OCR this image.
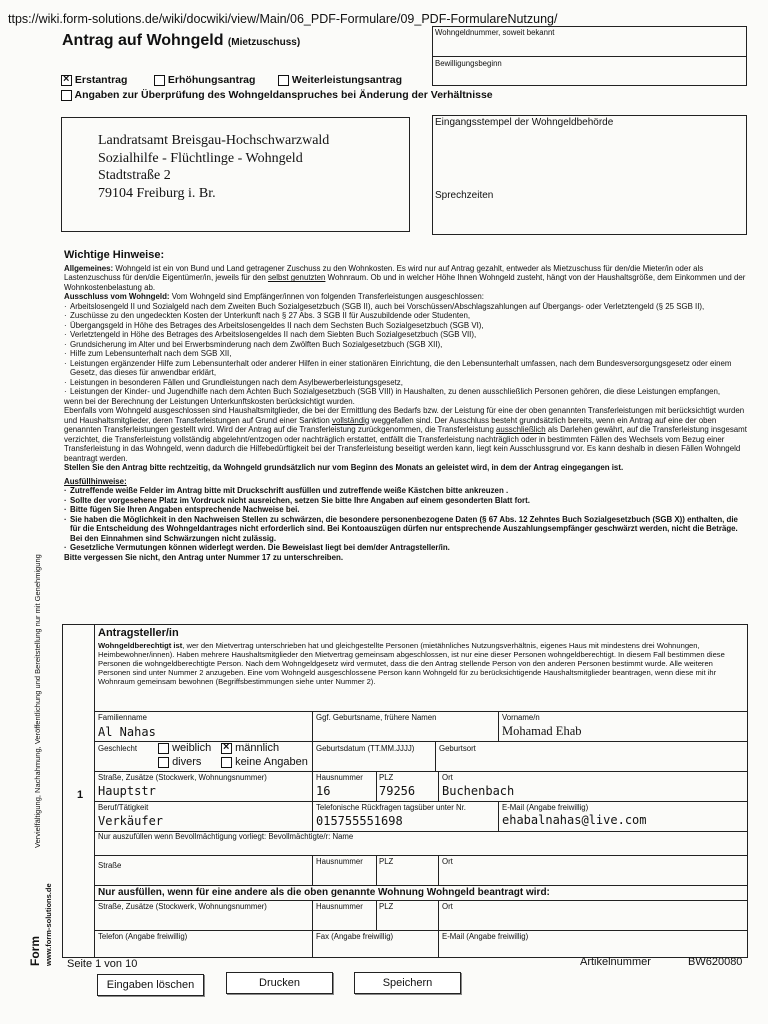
ttps://wiki.form-solutions.de/wiki/docwiki/view/Main/06_PDF-Formulare/09_PDF-FormulareNutzung/
Antrag auf Wohngeld (Mietzuschuss)
Wohngeldnummer, soweit bekannt
Bewilligungsbeginn
× Erstantrag	Erhöhungsantrag	Weiterleistungsantrag
Angaben zur Überprüfung des Wohngeldanspruches bei Änderung der Verhältnisse
Landratsamt Breisgau-Hochschwarzwald
Sozialhilfe - Flüchtlinge - Wohngeld
Stadtstraße 2
79104 Freiburg i. Br.
Eingangsstempel der Wohngeldbehörde
Sprechzeiten
Wichtige Hinweise:

Allgemeines: Wohngeld ist ein von Bund und Land getragener Zuschuss zu den Wohnkosten. Es wird nur auf Antrag gezahlt, entweder als Mietzuschuss für den/die Mieter/in oder als Lastenzuschuss für den/die Eigentümer/in, jeweils für den selbst genutzten Wohnraum. Ob und in welcher Höhe Ihnen Wohngeld zusteht, hängt von der Haushaltsgröße, dem Einkommen und der Wohnkostenbelastung ab.

Ausschluss vom Wohngeld: Vom Wohngeld sind Empfänger/innen von folgenden Transferleistungen ausgeschlossen:

· Arbeitslosengeld II und Sozialgeld nach dem Zweiten Buch Sozialgesetzbuch (SGB II), auch bei Vorschüssen/Abschlagszahlungen auf Übergangs- oder Verletztengeld (§ 25 SGB II),
· Zuschüsse zu den ungedeckten Kosten der Unterkunft nach § 27 Abs. 3 SGB II für Auszubildende oder Studenten,
· Übergangsgeld in Höhe des Betrages des Arbeitslosengeldes II nach dem Sechsten Buch Sozialgesetzbuch (SGB VI),
· Verletztengeld in Höhe des Betrages des Arbeitslosengeldes II nach dem Siebten Buch Sozialgesetzbuch (SGB VII),
· Grundsicherung im Alter und bei Erwerbsminderung nach dem Zwölften Buch Sozialgesetzbuch (SGB XII),
· Hilfe zum Lebensunterhalt nach dem SGB XII,
· Leistungen ergänzender Hilfe zum Lebensunterhalt oder anderer Hilfen in einer stationären Einrichtung, die den Lebensunterhalt umfassen, nach dem Bundesversorgungsgesetz oder einem Gesetz, das dieses für anwendbar erklärt,
· Leistungen in besonderen Fällen und Grundleistungen nach dem Asylbewerberleistungsgesetz,
· Leistungen der Kinder- und Jugendhilfe nach dem Achten Buch Sozialgesetzbuch (SGB VIII) in Haushalten, zu denen ausschließlich Personen gehören, die diese Leistungen empfangen,

wenn bei der Berechnung der Leistungen Unterkunftskosten berücksichtigt wurden.

Ebenfalls vom Wohngeld ausgeschlossen sind Haushaltsmitglieder, die bei der Ermittlung des Bedarfs bzw. der Leistung für eine der oben genannten Transferleistungen mit berücksichtigt wurden und Haushaltsmitglieder, deren Transferleistungen auf Grund einer Sanktion vollständig weggefallen sind. Der Ausschluss besteht grundsätzlich bereits, wenn ein Antrag auf eine der oben genannten Transferleistungen gestellt wird. Wird der Antrag auf die Transferleistung zurückgenommen, die Transferleistung ausschließlich als Darlehen gewährt, auf die Transferleistung insgesamt verzichtet, die Transferleistung vollständig abgelehnt/entzogen oder nachträglich erstattet, entfällt die Transferleistung nachträglich oder in bestimmten Fällen des Wechsels vom Bezug einer Transferleistung in das Wohngeld, wenn dadurch die Hilfebedürftigkeit bei der Transferleistung beseitigt werden kann, liegt kein Ausschlussgrund vor. Es kann deshalb in diesen Fällen Wohngeld beantragt werden.

Stellen Sie den Antrag bitte rechtzeitig, da Wohngeld grundsätzlich nur vom Beginn des Monats an geleistet wird, in dem der Antrag eingegangen ist.

Ausfüllhinweise:

· Zutreffende weiße Felder im Antrag bitte mit Druckschrift ausfüllen und zutreffende weiße Kästchen bitte ankreuzen .
· Sollte der vorgesehene Platz im Vordruck nicht ausreichen, setzen Sie bitte Ihre Angaben auf einem gesonderten Blatt fort.
· Bitte fügen Sie Ihren Angaben entsprechende Nachweise bei.
· Sie haben die Möglichkeit in den Nachweisen Stellen zu schwärzen, die besondere personenbezogene Daten (§ 67 Abs. 12 Zehntes Buch Sozialgesetzbuch (SGB X)) enthalten, die für die Entscheidung des Wohngeldantrages nicht erforderlich sind. Bei Kontoauszügen dürfen nur entsprechende Auszahlungsempfänger geschwärzt werden, nicht die Beträge. Bei den Einnahmen sind Schwärzungen nicht zulässig.
· Gesetzliche Vermutungen können widerlegt werden. Die Beweislast liegt bei dem/der Antragsteller/in.

Bitte vergessen Sie nicht, den Antrag unter Nummer 17 zu unterschreiben.

Vervielfältigung, Nachahmung, Veröffentlichung und Bereitstellung nur mit Genehmigung
www.form-solutions.de
Form
1
Antragsteller/in
Wohngeldberechtigt ist, wer den Mietvertrag unterschrieben hat und gleichgestellte Personen (mietähnliches Nutzungsverhältnis, eigenes Haus mit mindestens drei Wohnungen, Heimbewohner/innen). Haben mehrere Haushaltsmitglieder den Mietvertrag gemeinsam abgeschlossen, ist nur eine dieser Personen wohngeldberechtigt. In diesem Fall bestimmen diese Personen die wohngeldberechtigte Person. Nach dem Wohngeldgesetz wird vermutet, dass die den Antrag stellende Person von den anderen Personen bestimmt wurde. Alle weiteren Personen sind unter Nummer 2 anzugeben. Eine vom Wohngeld ausgeschlossene Person kann Wohngeld für zu berücksichtigende Haushaltsmitglieder beantragen, wenn diese mit ihr Wohnraum gemeinsam bewohnen (Begriffsbestimmungen siehe unter Nummer 2).
Familienname
Al Nahas
Ggf. Geburtsname, frühere Namen	Vorname/n
Mohamad Ehab
Geschlecht	weiblich
×	männlich
divers	keine Angaben
Geburtsdatum (TT.MM.JJJJ)	Geburtsort
Straße, Zusätze (Stockwerk, Wohnungsnummer)
Hauptstr
Hausnummer
16
PLZ
79256
Ort
Buchenbach
Beruf/Tätigkeit
Verkäufer
Telefonische Rückfragen tagsüber unter Nr.
015755551698
E-Mail (Angabe freiwillig)
ehabalnahas@live.com
Nur auszufüllen wenn Bevollmächtigung vorliegt: Bevollmächtigte/r: Name
Straße	Hausnummer PLZ	Ort
Nur ausfüllen, wenn für eine andere als die oben genannte Wohnung Wohngeld beantragt wird:
Straße, Zusätze (Stockwerk, Wohnungsnummer)	Hausnummer PLZ	Ort
Telefon (Angabe freiwillig)	Fax (Angabe freiwillig)	E-Mail (Angabe freiwillig)
Seite 1 von 10	Artikelnummer	BW620080
Eingaben löschen	Drucken	Speichern
